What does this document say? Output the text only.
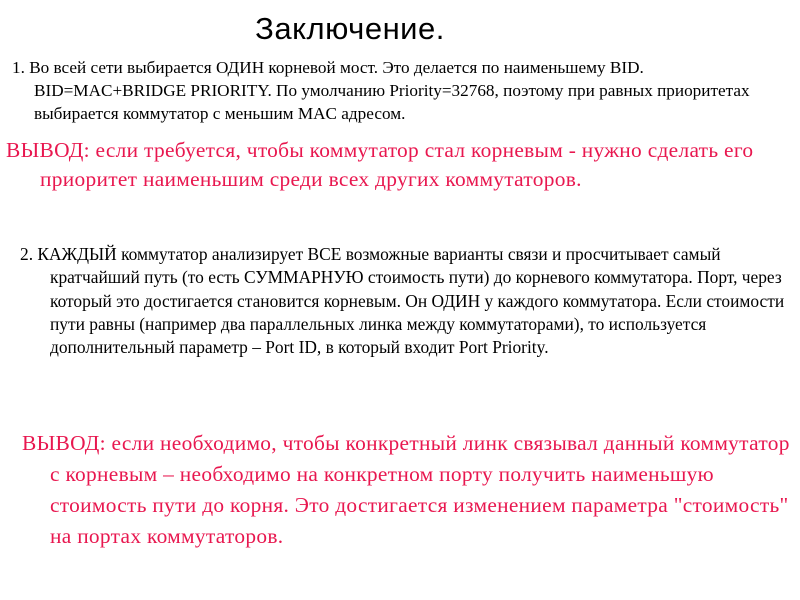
Заключение.

1. Во всей сети выбирается ОДИН корневой мост. Это делается по наименьшему BID. BID=MAC+BRIDGE PRIORITY. По умолчанию Priority=32768, поэтому при равных приоритетах выбирается коммутатор с меньшим MAC адресом.

ВЫВОД: если требуется, чтобы коммутатор стал корневым - нужно сделать его приоритет наименьшим среди всех других коммутаторов.

2. КАЖДЫЙ коммутатор анализирует ВСЕ возможные варианты связи и просчитывает самый кратчайший путь (то есть СУММАРНУЮ стоимость пути) до корневого коммутатора. Порт, через который это достигается становится корневым. Он ОДИН у каждого коммутатора. Если стоимости пути равны (например два параллельных линка между коммутаторами), то используется дополнительный параметр – Port ID, в который входит Port Priority.

ВЫВОД: если необходимо, чтобы конкретный линк связывал данный коммутатор с корневым – необходимо на конкретном порту получить наименьшую стоимость пути до корня. Это достигается изменением параметра "стоимость" на портах коммутаторов.
